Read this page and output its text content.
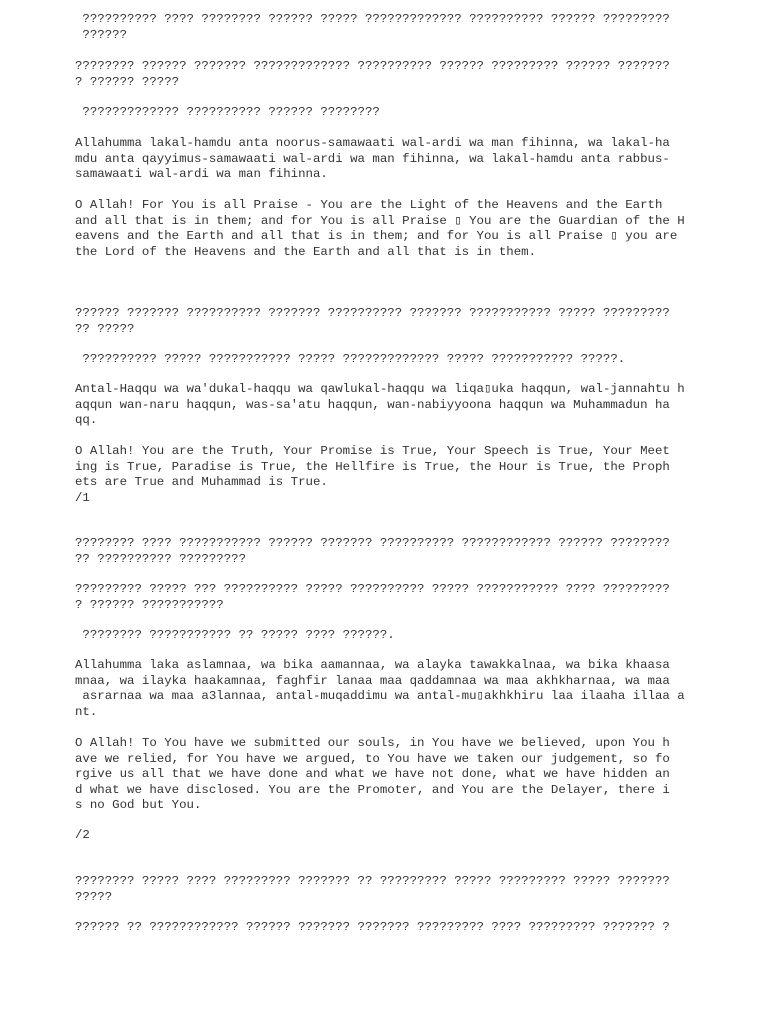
?????????? ???? ???????? ?????? ????? ????????????? ?????????? ?????? ?????????
??????

???????? ?????? ??????? ????????????? ?????????? ?????? ????????? ?????? ???????
? ?????? ?????

????????????? ?????????? ?????? ????????

Allahumma lakal-hamdu anta noorus-samawaati wal-ardi wa man fihinna, wa lakal-ha
mdu anta qayyimus-samawaati wal-ardi wa man fihinna, wa lakal-hamdu anta rabbus-
samawaati wal-ardi wa man fihinna.

O Allah! For You is all Praise - You are the Light of the Heavens and the Earth
and all that is in them; and for You is all Praise ▯ You are the Guardian of the H
eavens and the Earth and all that is in them; and for You is all Praise ▯ you are
the Lord of the Heavens and the Earth and all that is in them.

?????? ??????? ?????????? ??????? ?????????? ??????? ??????????? ????? ?????????
?? ?????

?????????? ????? ??????????? ????? ????????????? ????? ??????????? ?????.

Antal-Haqqu wa wa'dukal-haqqu wa qawlukal-haqqu wa liqa▯uka haqqun, wal-jannahtu h
aqqun wan-naru haqqun, was-sa'atu haqqun, wan-nabiyyoona haqqun wa Muhammadun ha
qq.

O Allah! You are the Truth, Your Promise is True, Your Speech is True, Your Meet
ing is True, Paradise is True, the Hellfire is True, the Hour is True, the Proph
ets are True and Muhammad is True.
/1

???????? ???? ??????????? ?????? ??????? ?????????? ???????????? ?????? ????????
?? ?????????? ?????????

????????? ????? ??? ?????????? ????? ?????????? ????? ??????????? ???? ?????????
? ?????? ???????????

???????? ??????????? ?? ????? ???? ??????.

Allahumma laka aslamnaa, wa bika aamannaa, wa alayka tawakkalnaa, wa bika khaasa
mnaa, wa ilayka haakamnaa, faghfir lanaa maa qaddamnaa wa maa akhkharnaa, wa maa
asrarnaa wa maa a3lannaa, antal-muqaddimu wa antal-mu▯akhkhiru laa ilaaha illaa a
nt.

O Allah! To You have we submitted our souls, in You have we believed, upon You h
ave we relied, for You have we argued, to You have we taken our judgement, so fo
rgive us all that we have done and what we have not done, what we have hidden an
d what we have disclosed. You are the Promoter, and You are the Delayer, there i
s no God but You.

/2

???????? ????? ???? ????????? ??????? ?? ????????? ????? ????????? ????? ???????
?????

?????? ?? ???????????? ?????? ??????? ??????? ????????? ???? ????????? ??????? ?
